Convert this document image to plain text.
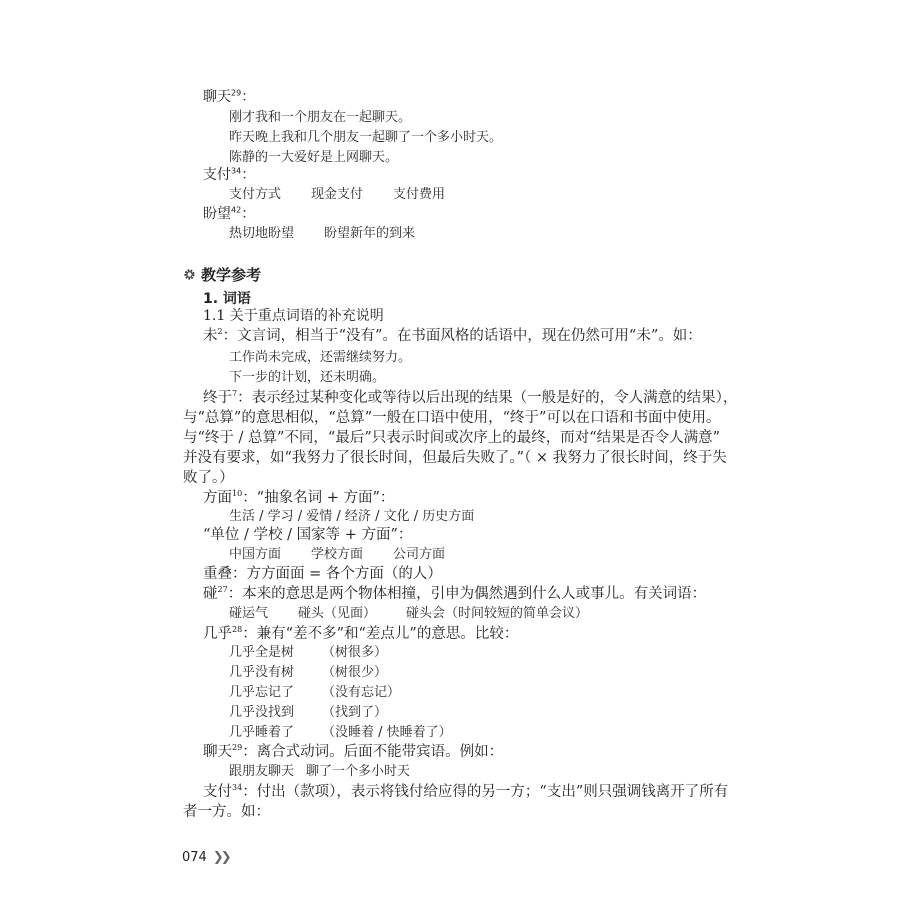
聊天$^{29}$：
刚才我和一个朋友在一起聊天。
昨天晚上我和几个朋友一起聊了一个多小时天。
陈静的一大爱好是上网聊天。
支付$^{34}$：
支付方式 现金支付 支付费用
盼望$^{42}$：
热切地盼望 盼望新年的到来
教学参考
1. 词语
1.1 关于重点词语的补充说明
未$^2$：文言词，相当于“没有”。在书面风格的话语中，现在仍然可用“未”。如：
工作尚未完成，还需继续努力。
下一步的计划，还未明确。
终于$^7$：表示经过某种变化或等待以后出现的结果（一般是好的，令人满意的结果），
与“总算”的意思相似，“总算”一般在口语中使用，“终于”可以在口语和书面中使用。
与“终于 / 总算”不同，“最后”只表示时间或次序上的最终，而对“结果是否令人满意”
并没有要求，如“我努力了很长时间，但最后失败了。”（ × 我努力了很长时间，终于失
败了。）
方面$^{10}$：“抽象名词 + 方面”：
生活 / 学习 / 爱情 / 经济 / 文化 / 历史方面
“单位 / 学校 / 国家等 + 方面”：
中国方面 学校方面 公司方面
重叠：方方面面 = 各个方面（的人）
碰$^{27}$：本来的意思是两个物体相撞，引申为偶然遇到什么人或事儿。有关词语：
碰运气 碰头（见面） 碰头会（时间较短的简单会议）
几乎$^{28}$：兼有“差不多”和“差点儿”的意思。比较：
几乎全是树 （树很多）
几乎没有树 （树很少）
几乎忘记了 （没有忘记）
几乎没找到 （找到了）
几乎睡着了 （没睡着 / 快睡着了）
聊天$^{29}$：离合式动词。后面不能带宾语。例如：
跟朋友聊天 聊了一个多小时天
支付$^{34}$：付出（款项），表示将钱付给应得的另一方；“支出”则只强调钱离开了所有
者一方。如：
074 ❯❯
